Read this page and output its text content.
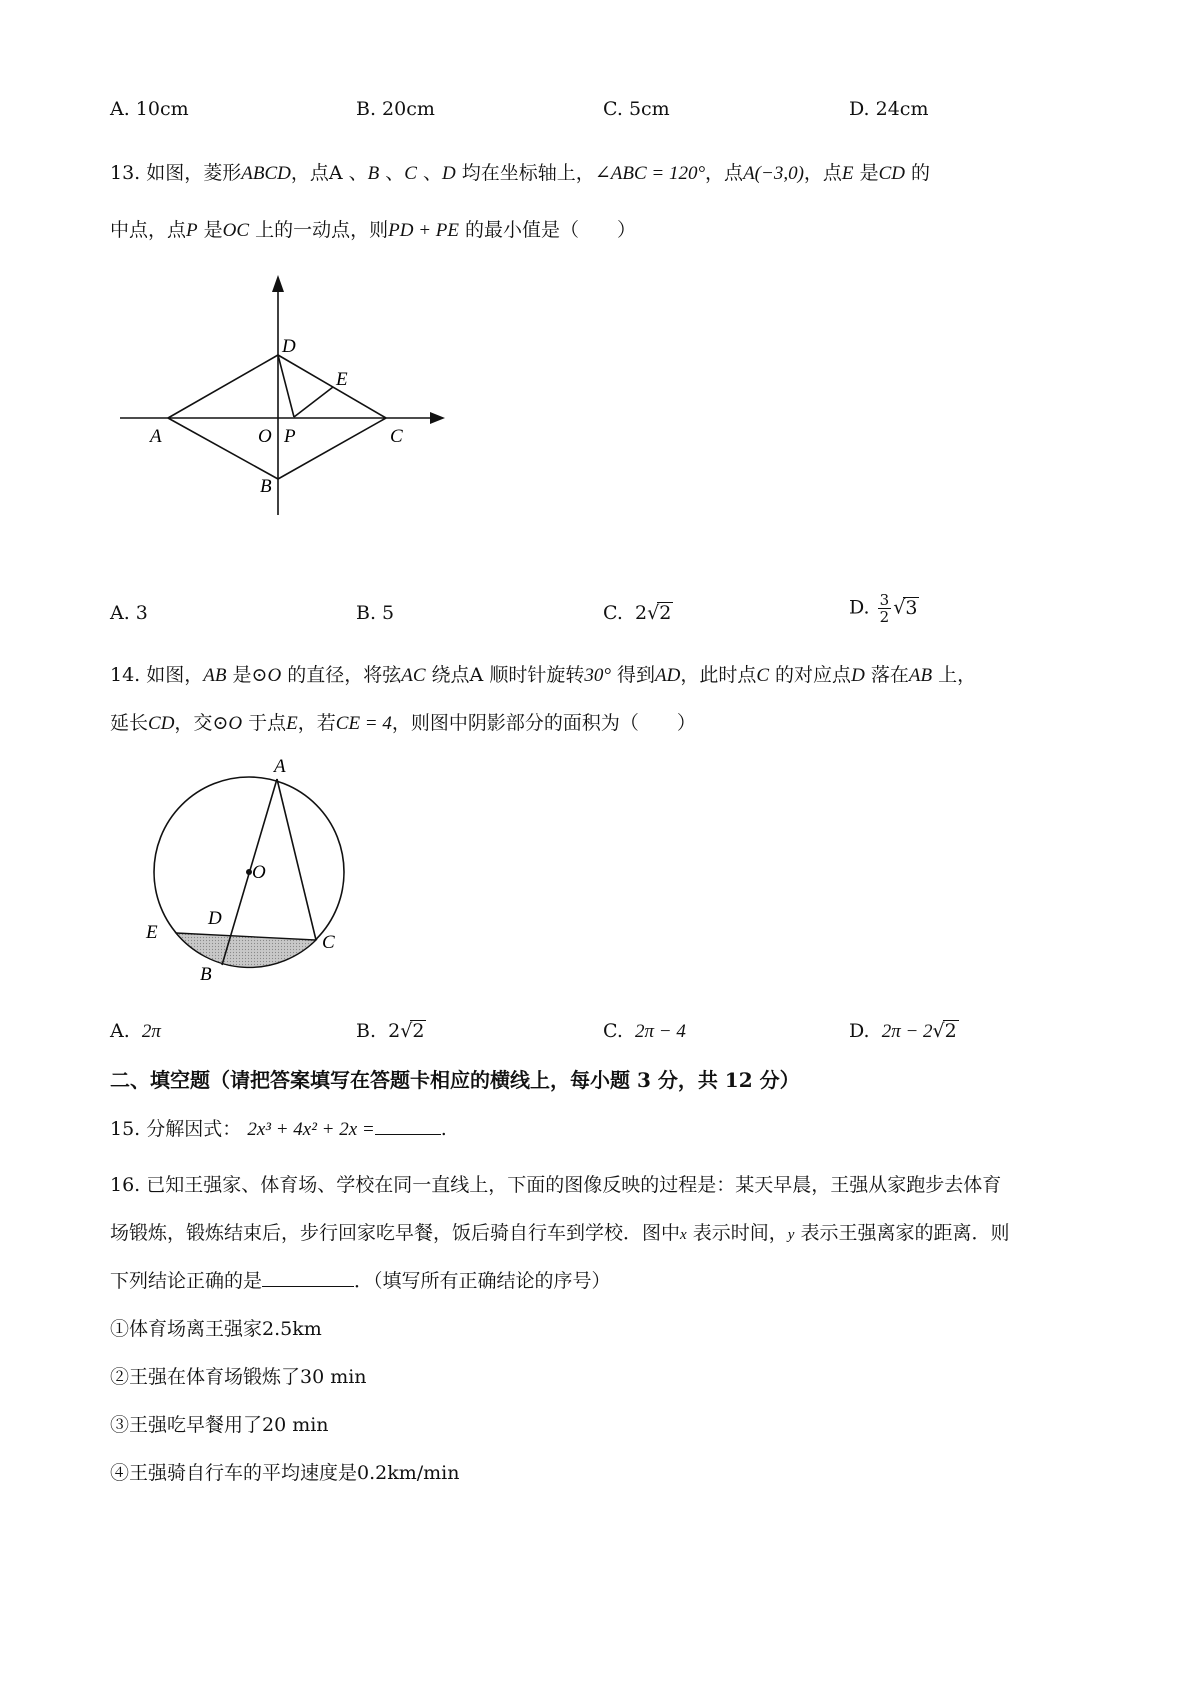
A. 10cm	B. 20cm	C. 5cm	D. 24cm
13. 如图，菱形ABCD，点A 、B 、C 、D 均在坐标轴上，∠ABC = 120°，点A(−3,0)，点E 是CD 的
中点，点P 是OC 上的一动点，则PD + PE 的最小值是（　　）
A
B
C
D
E
O P
A. 3	B. 5	C. 2√2	D. $\frac{3}{2} √3$
14. 如图，AB 是⊙O 的直径，将弦AC 绕点A 顺时针旋转30° 得到AD，此时点C 的对应点D 落在AB 上，
延长CD，交⊙O 于点E，若CE = 4，则图中阴影部分的面积为（　　）
A
O
D
E
B
C
A. 2π	B. 2√2	C. 2π − 4	D. 2π − 2√2
二、填空题（请把答案填写在答题卡相应的横线上，每小题 3 分，共 12 分）
15. 分解因式： 2x³ + 4x² + 2x =	.
16. 已知王强家、体育场、学校在同一直线上，下面的图像反映的过程是：某天早晨，王强从家跑步去体育
场锻炼，锻炼结束后，步行回家吃早餐，饭后骑自行车到学校．图中x 表示时间，y 表示王强离家的距离．则
下列结论正确的是	．（填写所有正确结论的序号）
①体育场离王强家2.5km
②王强在体育场锻炼了30 min
③王强吃早餐用了20 min
④王强骑自行车的平均速度是0.2km/min
